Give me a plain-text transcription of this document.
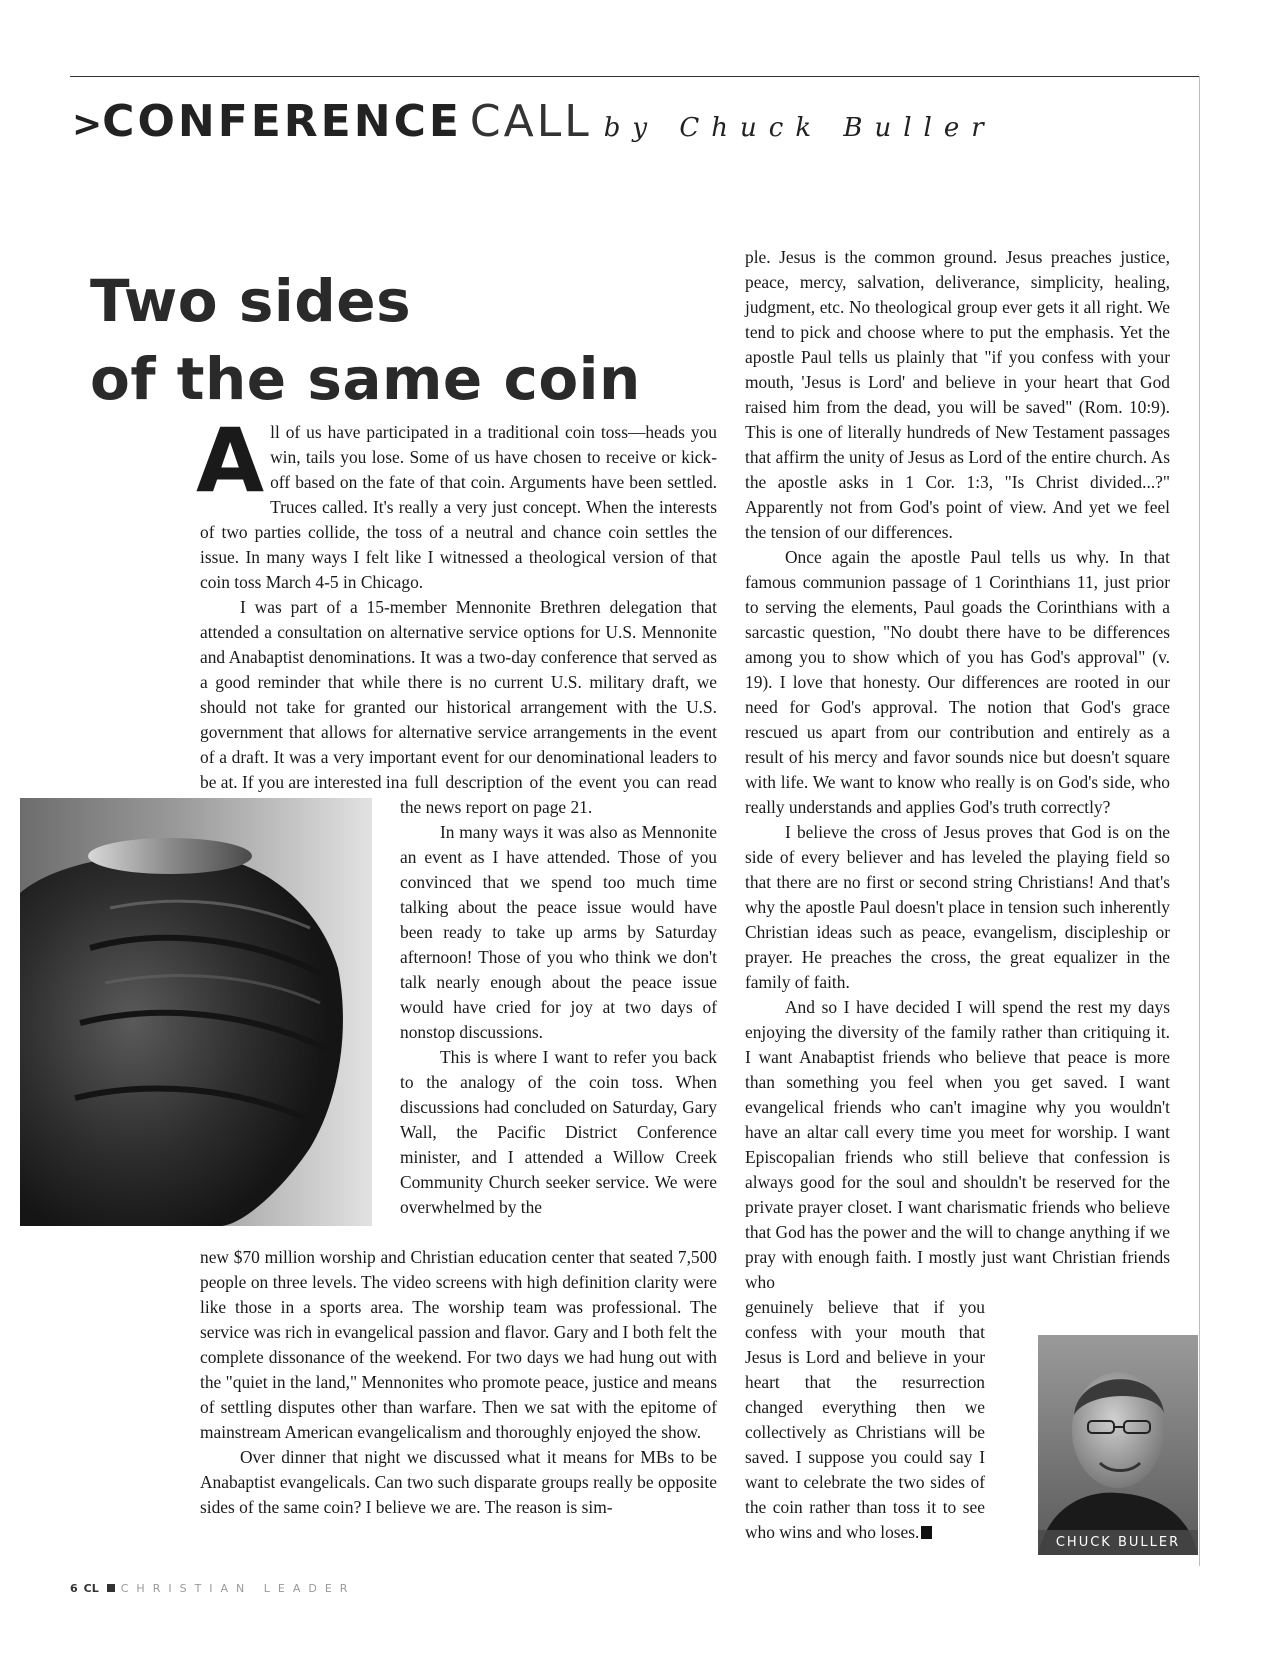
>CONFERENCE CALL by Chuck Buller
Two sides
of the same coin

All of us have participated in a traditional coin toss—heads you win, tails you lose. Some of us have chosen to receive or kick-off based on the fate of that coin. Arguments have been settled. Truces called. It's really a very just concept. When the interests of two parties collide, the toss of a neutral and chance coin settles the issue. In many ways I felt like I witnessed a theological version of that coin toss March 4-5 in Chicago.

I was part of a 15-member Mennonite Brethren delegation that attended a consultation on alternative service options for U.S. Mennonite and Anabaptist denominations. It was a two-day conference that served as a good reminder that while there is no current U.S. military draft, we should not take for granted our historical arrangement with the U.S. government that allows for alternative service arrangements in the event of a draft. It was a very important event for our denominational leaders to be at. If you are interested in a full description of the event you can read the news report on page 21.

In many ways it was also as Mennonite an event as I have attended. Those of you convinced that we spend too much time talking about the peace issue would have been ready to take up arms by Saturday afternoon! Those of you who think we don't talk nearly enough about the peace issue would have cried for joy at two days of nonstop discussions.

This is where I want to refer you back to the analogy of the coin toss. When discussions had concluded on Saturday, Gary Wall, the Pacific District Conference minister, and I attended a Willow Creek Community Church seeker service. We were overwhelmed by the

new $70 million worship and Christian education center that seated 7,500 people on three levels. The video screens with high definition clarity were like those in a sports area. The worship team was professional. The service was rich in evangelical passion and flavor. Gary and I both felt the complete dissonance of the weekend. For two days we had hung out with the "quiet in the land," Mennonites who promote peace, justice and means of settling disputes other than warfare. Then we sat with the epitome of mainstream American evangelicalism and thoroughly enjoyed the show.

Over dinner that night we discussed what it means for MBs to be Anabaptist evangelicals. Can two such disparate groups really be opposite sides of the same coin? I believe we are. The reason is sim-

ple. Jesus is the common ground. Jesus preaches justice, peace, mercy, salvation, deliverance, simplicity, healing, judgment, etc. No theological group ever gets it all right. We tend to pick and choose where to put the emphasis. Yet the apostle Paul tells us plainly that "if you confess with your mouth, 'Jesus is Lord' and believe in your heart that God raised him from the dead, you will be saved" (Rom. 10:9). This is one of literally hundreds of New Testament passages that affirm the unity of Jesus as Lord of the entire church. As the apostle asks in 1 Cor. 1:3, "Is Christ divided...?" Apparently not from God's point of view. And yet we feel the tension of our differences.

Once again the apostle Paul tells us why. In that famous communion passage of 1 Corinthians 11, just prior to serving the elements, Paul goads the Corinthians with a sarcastic question, "No doubt there have to be differences among you to show which of you has God's approval" (v. 19). I love that honesty. Our differences are rooted in our need for God's approval. The notion that God's grace rescued us apart from our contribution and entirely as a result of his mercy and favor sounds nice but doesn't square with life. We want to know who really is on God's side, who really understands and applies God's truth correctly?

I believe the cross of Jesus proves that God is on the side of every believer and has leveled the playing field so that there are no first or second string Christians! And that's why the apostle Paul doesn't place in tension such inherently Christian ideas such as peace, evangelism, discipleship or prayer. He preaches the cross, the great equalizer in the family of faith.

And so I have decided I will spend the rest my days enjoying the diversity of the family rather than critiquing it. I want Anabaptist friends who believe that peace is more than something you feel when you get saved. I want evangelical friends who can't imagine why you wouldn't have an altar call every time you meet for worship. I want Episcopalian friends who still believe that confession is always good for the soul and shouldn't be reserved for the private prayer closet. I want charismatic friends who believe that God has the power and the will to change anything if we pray with enough faith. I mostly just want Christian friends who

genuinely believe that if you confess with your mouth that Jesus is Lord and believe in your heart that the resurrection changed everything then we collectively as Christians will be saved. I suppose you could say I want to celebrate the two sides of the coin rather than toss it to see who wins and who loses.

CHUCK BULLER
6 CL CHRISTIAN LEADER
